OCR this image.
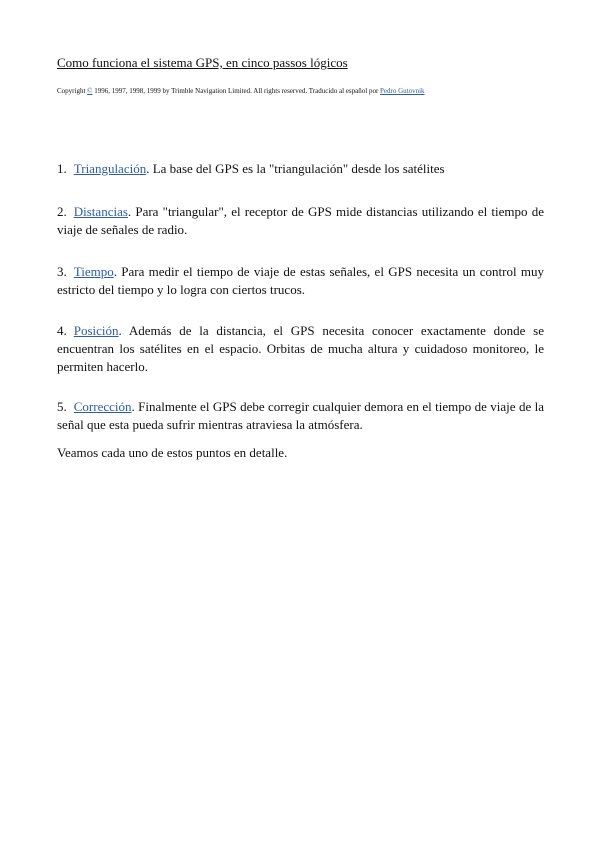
Como funciona el sistema GPS, en cinco passos lógicos
Copyright © 1996, 1997, 1998, 1999 by Trimble Navigation Limited. All rights reserved. Traducido al español por Pedro Gutovnik
1. Triangulación. La base del GPS es la "triangulación" desde los satélites
2. Distancias. Para "triangular", el receptor de GPS mide distancias utilizando el tiempo de viaje de señales de radio.
3. Tiempo. Para medir el tiempo de viaje de estas señales, el GPS necesita un control muy estricto del tiempo y lo logra con ciertos trucos.
4. Posición. Además de la distancia, el GPS necesita conocer exactamente donde se encuentran los satélites en el espacio. Orbitas de mucha altura y cuidadoso monitoreo, le permiten hacerlo.
5. Corrección. Finalmente el GPS debe corregir cualquier demora en el tiempo de viaje de la señal que esta pueda sufrir mientras atraviesa la atmósfera.
Veamos cada uno de estos puntos en detalle.
